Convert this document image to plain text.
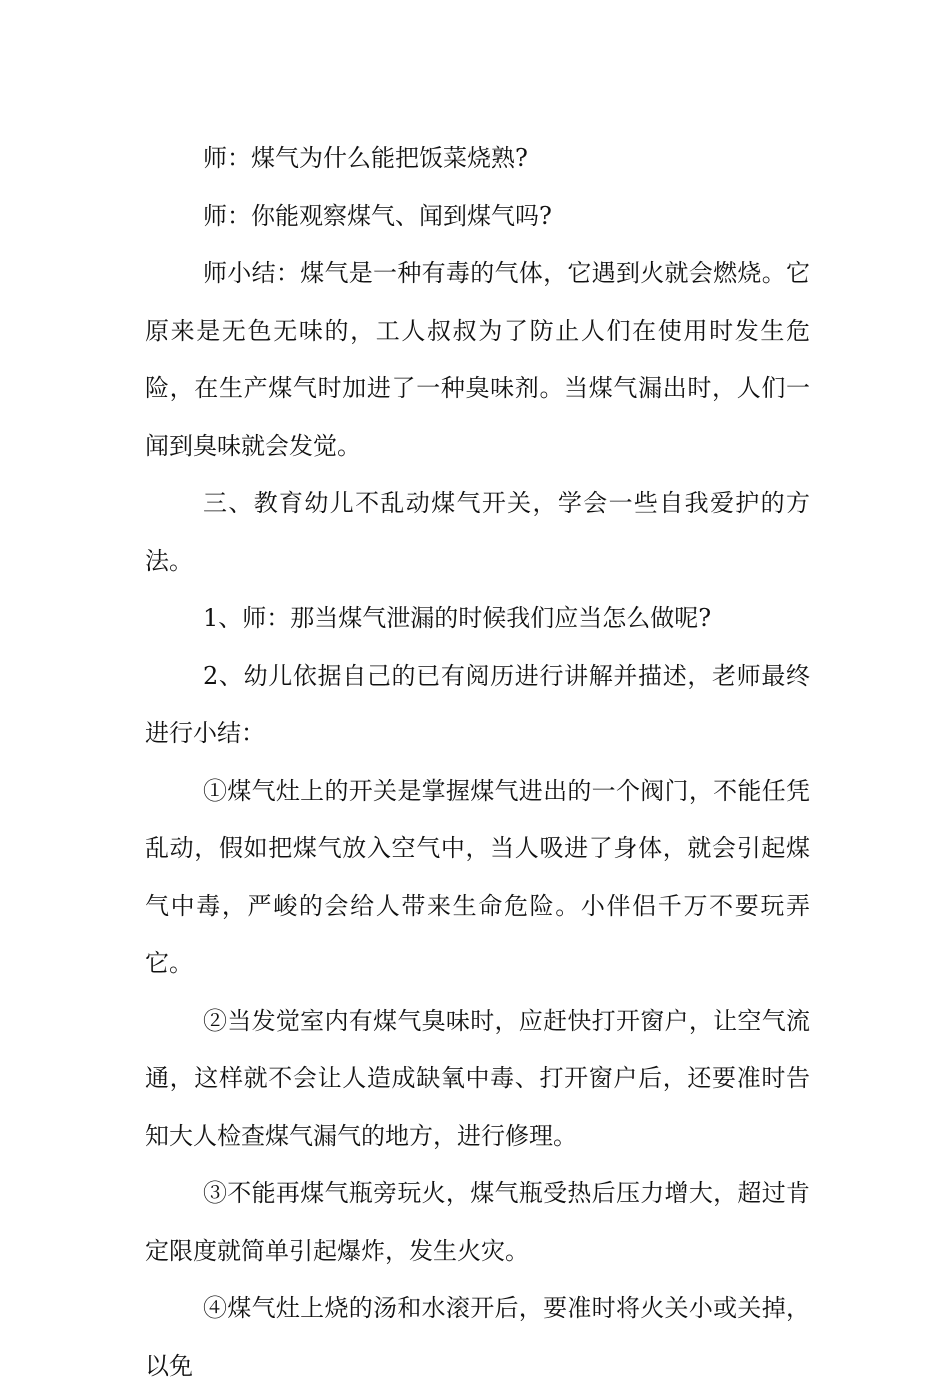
师：煤气为什么能把饭菜烧熟?

师：你能观察煤气、闻到煤气吗?

师小结：煤气是一种有毒的气体，它遇到火就会燃烧。它原来是无色无味的，工人叔叔为了防止人们在使用时发生危险，在生产煤气时加进了一种臭味剂。当煤气漏出时，人们一闻到臭味就会发觉。

三、教育幼儿不乱动煤气开关，学会一些自我爱护的方法。

1、师：那当煤气泄漏的时候我们应当怎么做呢?

2、幼儿依据自己的已有阅历进行讲解并描述，老师最终进行小结：

①煤气灶上的开关是掌握煤气进出的一个阀门，不能任凭乱动，假如把煤气放入空气中，当人吸进了身体，就会引起煤气中毒，严峻的会给人带来生命危险。小伴侣千万不要玩弄它。

②当发觉室内有煤气臭味时，应赶快打开窗户，让空气流通，这样就不会让人造成缺氧中毒、打开窗户后，还要准时告知大人检查煤气漏气的地方，进行修理。

③不能再煤气瓶旁玩火，煤气瓶受热后压力增大，超过肯定限度就简单引起爆炸，发生火灾。

④煤气灶上烧的汤和水滚开后，要准时将火关小或关掉，以免
